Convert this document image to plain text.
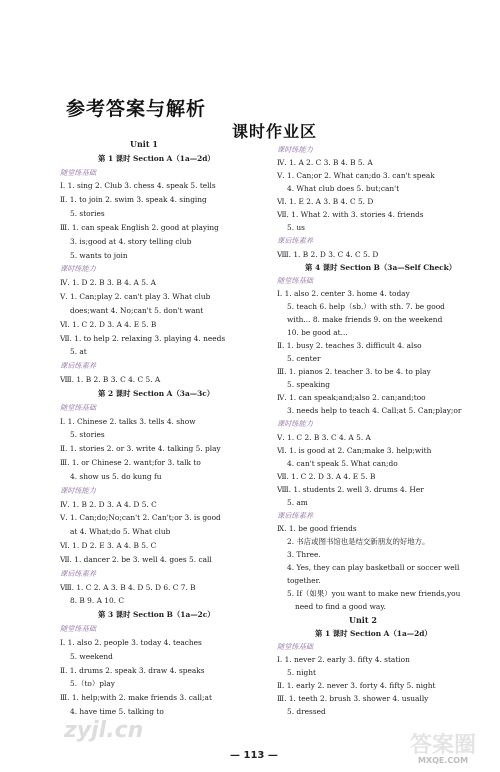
参考答案与解析
课时作业区
Unit 1
第 1 课时 Section A（1a—2d）
随堂练基础
Ⅰ. 1. sing 2. Club 3. chess 4. speak 5. tells
Ⅱ. 1. to join 2. swim 3. speak 4. singing
5. stories
Ⅲ. 1. can speak English 2. good at playing
3. is;good at 4. story telling club
5. wants to join
课时练能力
Ⅳ. 1. D 2. B 3. B 4. A 5. A
Ⅴ. 1. Can;play 2. can't play 3. What club
does;want 4. No;can't 5. don't want
Ⅵ. 1. C 2. D 3. A 4. E 5. B
Ⅶ. 1. to help 2. relaxing 3. playing 4. needs
5. at
课后练素养
Ⅷ. 1. B 2. B 3. C 4. C 5. A
第 2 课时 Section A（3a—3c）
随堂练基础
Ⅰ. 1. Chinese 2. talks 3. tells 4. show
5. stories
Ⅱ. 1. stories 2. or 3. write 4. talking 5. play
Ⅲ. 1. or Chinese 2. want;for 3. talk to
4. show us 5. do kung fu
课时练能力
Ⅳ. 1. B 2. D 3. A 4. D 5. C
Ⅴ. 1. Can;do;No;can't 2. Can't;or 3. is good
at 4. What;do 5. What club
Ⅵ. 1. D 2. E 3. A 4. B 5. C
Ⅶ. 1. dancer 2. be 3. well 4. goes 5. call
课后练素养
Ⅷ. 1. C 2. A 3. B 4. D 5. D 6. C 7. B
8. B 9. A 10. C
第 3 课时 Section B（1a—2c）
随堂练基础
Ⅰ. 1. also 2. people 3. today 4. teaches
5. weekend
Ⅱ. 1. drums 2. speak 3. draw 4. speaks
5.（to）play
Ⅲ. 1. help;with 2. make friends 3. call;at
4. have time 5. talking to
课时练能力
Ⅳ. 1. A 2. C 3. B 4. B 5. A
Ⅴ. 1. Can;or 2. What can;do 3. can't speak
4. What club does 5. but;can't
Ⅵ. 1. E 2. A 3. B 4. C 5. D
Ⅶ. 1. What 2. with 3. stories 4. friends
5. us
课后练素养
Ⅷ. 1. B 2. D 3. C 4. C 5. D
第 4 课时 Section B（3a—Self Check）
随堂练基础
Ⅰ. 1. also 2. center 3. home 4. today
5. teach 6. help（sb.）with sth. 7. be good
with... 8. make friends 9. on the weekend
10. be good at...
Ⅱ. 1. busy 2. teaches 3. difficult 4. also
5. center
Ⅲ. 1. pianos 2. teacher 3. to be 4. to play
5. speaking
Ⅳ. 1. can speak;and;also 2. can;and;too
3. needs help to teach 4. Call;at 5. Can;play;or
课时练能力
Ⅴ. 1. C 2. B 3. C 4. A 5. A
Ⅵ. 1. is good at 2. Can;make 3. help;with
4. can't speak 5. What can;do
Ⅶ. 1. C 2. D 3. A 4. E 5. B
Ⅷ. 1. students 2. well 3. drums 4. Her
5. am
课后练素养
Ⅸ. 1. be good friends
2. 书店或图书馆也是结交新朋友的好地方。
3. Three.
4. Yes, they can play basketball or soccer well
together.
5. If（如果）you want to make new friends,you
need to find a good way.
Unit 2
第 1 课时 Section A（1a—2d）
随堂练基础
Ⅰ. 1. never 2. early 3. fifty 4. station
5. night
Ⅱ. 1. early 2. never 3. forty 4. fifty 5. night
Ⅲ. 1. teeth 2. brush 3. shower 4. usually
5. dressed
— 113 —
zyjl.cn
答案圈
MXQE.COM
